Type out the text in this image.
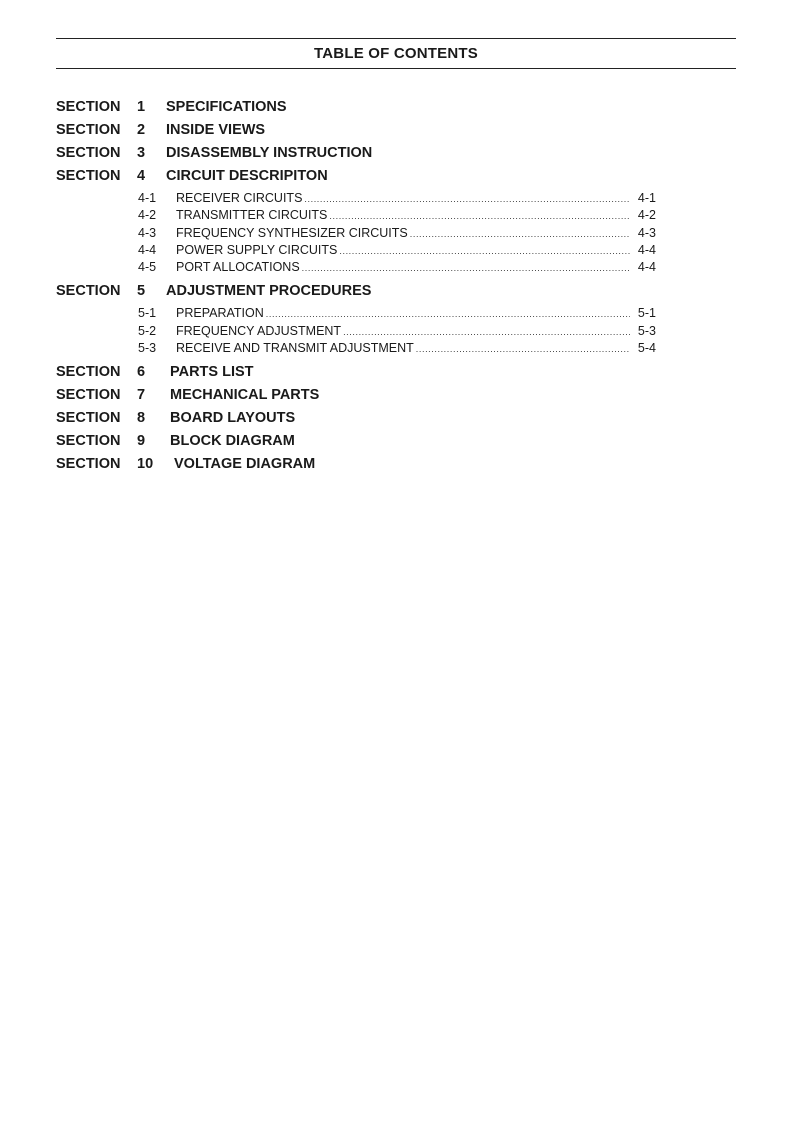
TABLE OF CONTENTS
SECTION	1	SPECIFICATIONS
SECTION	2	INSIDE VIEWS
SECTION	3	DISASSEMBLY INSTRUCTION
SECTION	4	CIRCUIT DESCRIPITON
4-1	RECEIVER CIRCUITS .....	4-1
4-2	TRANSMITTER CIRCUITS .....	4-2
4-3	FREQUENCY SYNTHESIZER CIRCUITS .....	4-3
4-4	POWER SUPPLY CIRCUITS .....	4-4
4-5	PORT ALLOCATIONS .....	4-4
SECTION	5	ADJUSTMENT PROCEDURES
5-1	PREPARATION .....	5-1
5-2	FREQUENCY ADJUSTMENT .....	5-3
5-3	RECEIVE AND TRANSMIT ADJUSTMENT .....	5-4
SECTION	6	PARTS LIST
SECTION	7	MECHANICAL PARTS
SECTION	8	BOARD LAYOUTS
SECTION	9	BLOCK DIAGRAM
SECTION	10	VOLTAGE DIAGRAM
